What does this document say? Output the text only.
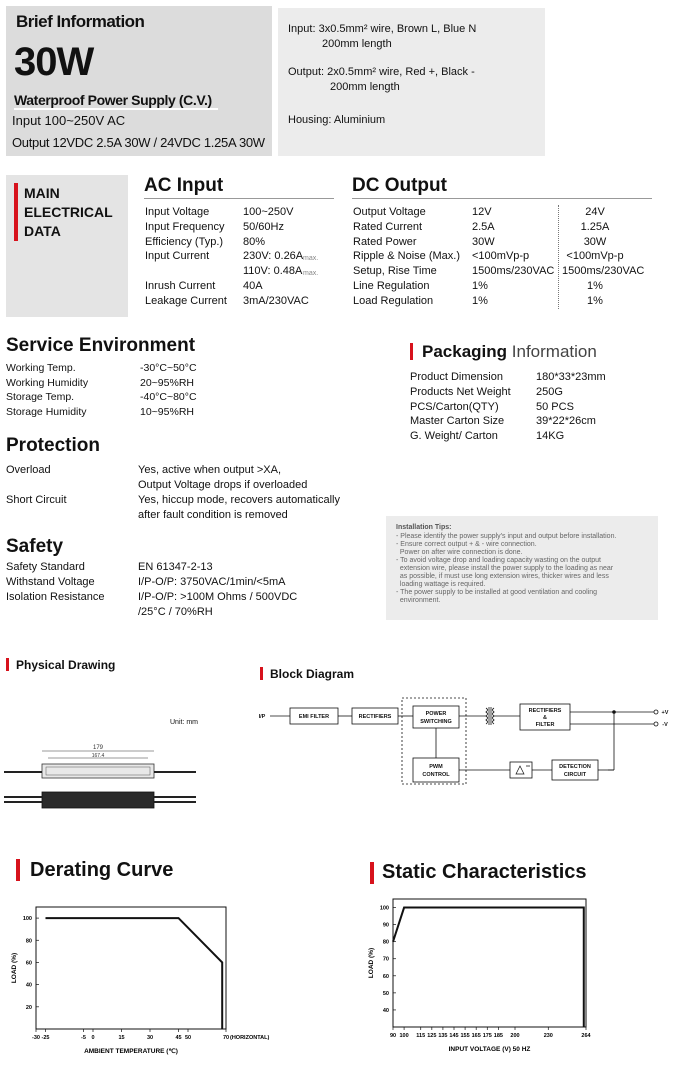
Brief Information
30W
Waterproof Power Supply (C.V.)
Input 100~250V AC
Output 12VDC 2.5A 30W / 24VDC 1.25A 30W
Input: 3x0.5mm² wire, Brown L, Blue N
200mm length
Output: 2x0.5mm² wire, Red +, Black -
200mm length
Housing: Aluminium
MAIN
ELECTRICAL
DATA
AC Input
Input Voltage	100~250V
Input Frequency 50/60Hz
Efficiency (Typ.) 80%
Input Current	230V: 0.26A max.
110V: 0.48A max.
Inrush Current	40A
Leakage Current 3mA/230VAC
DC Output
Output Voltage	12V	24V
Rated Current	2.5A	1.25A
Rated Power	30W	30W
Ripple & Noise (Max.) <100mVp-p	<100mVp-p
Setup, Rise Time	1500ms/230VAC 1500ms/230VAC
Line Regulation	1%	1%
Load Regulation	1%	1%
Service Environment
Working Temp.	-30°C~50°C
Working Humidity	20~95%RH
Storage Temp.	-40°C~80°C
Storage Humidity	10~95%RH
Packaging Information
Product Dimension	180*33*23mm
Products Net Weight 250G
PCS/Carton(QTY)	50 PCS
Master Carton Size	39*22*26cm
G. Weight/ Carton	14KG
Protection
Overload	Yes, active when output >XA,
Output Voltage drops if overloaded
Short Circuit	Yes, hiccup mode, recovers automatically
after fault condition is removed
Safety
Safety Standard	EN 61347-2-13
Withstand Voltage	I/P-O/P: 3750VAC/1min/<5mA
Isolation Resistance	I/P-O/P: >100M Ohms / 500VDC
/25°C / 70%RH
Installation Tips:
- Please identify the power supply's input and output before installation.
- Ensure correct output + & - wire connection.
Power on after wire connection is done.
- To avoid voltage drop and loading capacity wasting on the output
extension wire, please install the power supply to the loading as near
as possible, if must use long extension wires, thicker wires and less
loading wattage is required.
- The power supply to be installed at good ventilation and cooling
environment.
Physical Drawing
Unit: mm
179
167.4
Block Diagram
I/P	EMI FILTER	RECTIFIERS	POWER
SWITCHING
RECTIFIERS
&
FILTER
PWM
CONTROL
DETECTION
CIRCUIT
+V
-V
Derating Curve
-30 -25	-5 0	15	30	45 50	70
20
40
60
80
100
AMBIENT TEMPERATURE (℃)
LOAD (%)
(HORIZONTAL)
Static Characteristics
90 100 115 125 135 145 155 165 175 185 200	230	264
40
50
60
70
80
90
100
INPUT VOLTAGE (V) 50 HZ
LOAD (%)
